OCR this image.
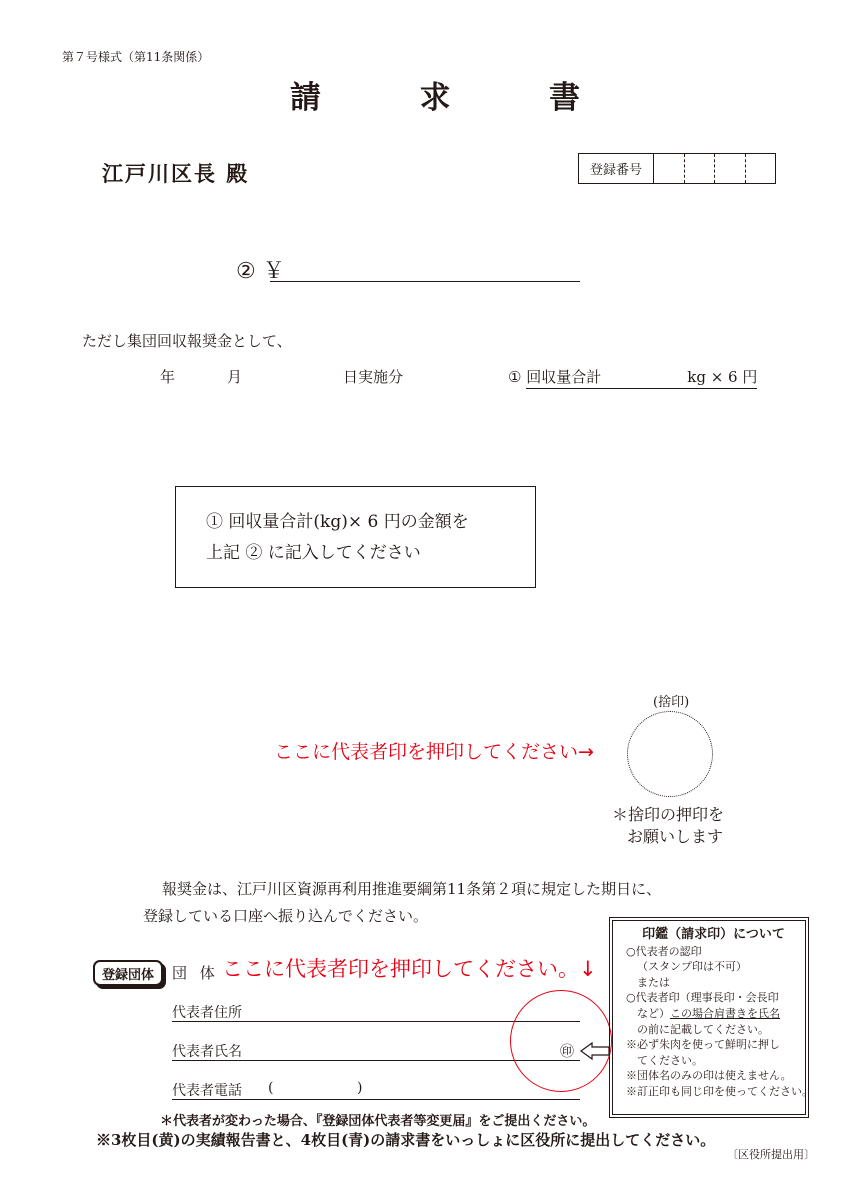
第７号様式（第11条関係）
請	求	書
江戸川区長 殿	登録番号
② ￥
ただし集団回収報奨金として、
年	月	日実施分	① 回収量合計	kg × 6 円
① 回収量合計(kg)× 6 円の金額を
上記 ② に記入してください
(捨印)
ここに代表者印を押印してください→
＊捨印の押印を
お願いします
報奨金は、江戸川区資源再利用推進要綱第11条第２項に規定した期日に、
登録している口座へ振り込んでください。
登録団体	団 体 ここに代表者印を押印してください。↓
代表者住所
代表者氏名
代表者電話 (	)
㊞
印鑑（請求印）について
○代表者の認印
（スタンプ印は不可）
または
○代表者印（理事長印・会長印
など）この場合肩書きを氏名
の前に記載してください。
※必ず朱肉を使って鮮明に押し
てください。
※団体名のみの印は使えません。
※訂正印も同じ印を使ってください。
＊代表者が変わった場合、『登録団体代表者等変更届』をご提出ください。
※3枚目(黄)の実績報告書と、4枚目(青)の請求書をいっしょに区役所に提出してください。
〔区役所提出用〕
